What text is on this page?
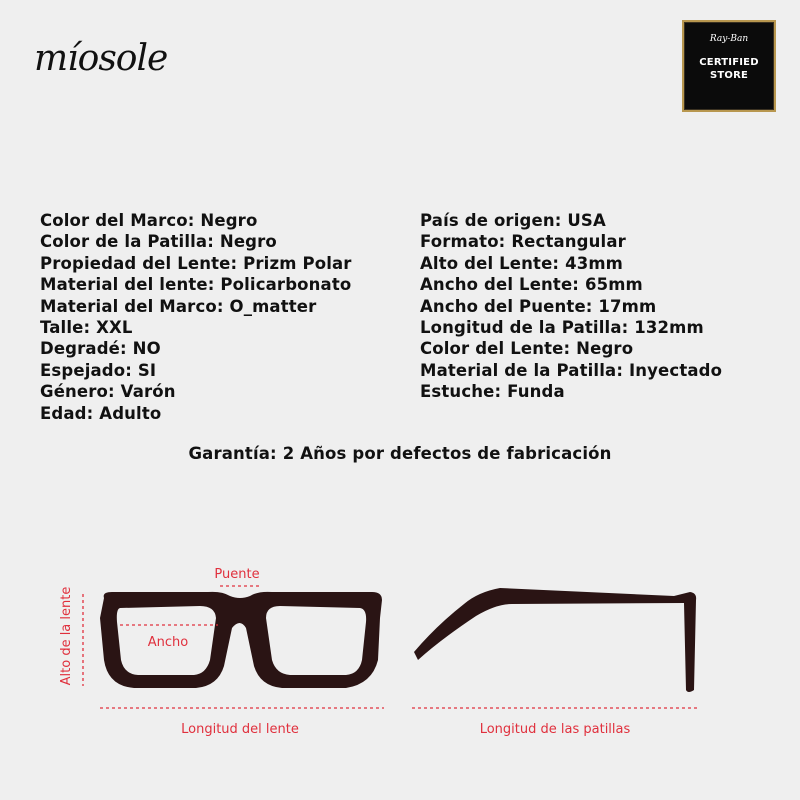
míosole	Ray-Ban
CERTIFIED
STORE
Color del Marco: Negro
Color de la Patilla: Negro
Propiedad del Lente: Prizm Polar
Material del lente: Policarbonato
Material del Marco: O_matter
Talle: XXL
Degradé: NO
Espejado: SI
Género: Varón
Edad: Adulto
País de origen: USA
Formato: Rectangular
Alto del Lente: 43mm
Ancho del Lente: 65mm
Ancho del Puente: 17mm
Longitud de la Patilla: 132mm
Color del Lente: Negro
Material de la Patilla: Inyectado
Estuche: Funda
Garantía: 2 Años por defectos de fabricación
Puente
Ancho
Alto de la lente
Longitud del lente	Longitud de las patillas
